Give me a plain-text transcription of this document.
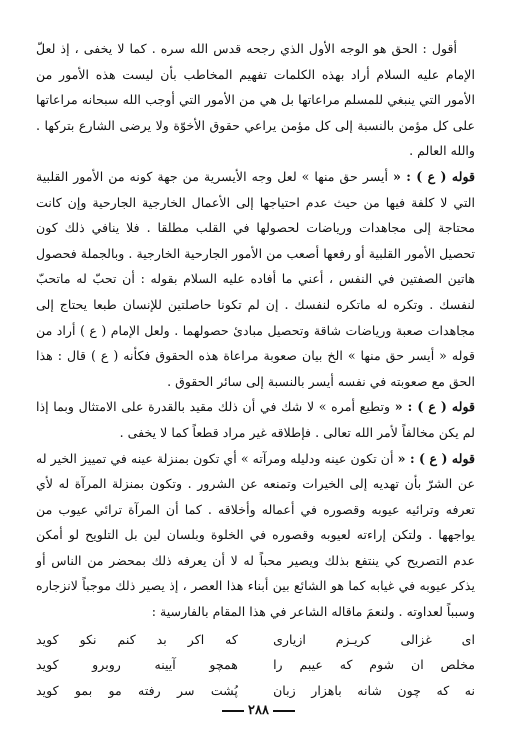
أقول : الحق هو الوجه الأول الذي رجحه قدس الله سره . كما لا يخفى ، إذ لعلّ الإمام عليه السلام أراد بهذه الكلمات تفهيم المخاطب بأن ليست هذه الأمور من الأمور التي ينبغي للمسلم مراعاتها بل هي من الأمور التي أوجب الله سبحانه مراعاتها على كل مؤمن بالنسبة إلى كل مؤمن يراعي حقوق الأخوّة ولا يرضى الشارع بتركها . والله العالم .

قوله ( ع ) : « أيسر حق منها » لعل وجه الأيسرية من جهة كونه من الأمور القلبية التي لا كلفة فيها من حيث عدم احتياجها إلى الأعمال الخارجية الجارحية وإن كانت محتاجة إلى مجاهدات ورياضات لحصولها في القلب مطلقا . فلا ينافي ذلك كون تحصيل الأمور القلبية أو رفعها أصعب من الأمور الجارحية الخارجية . وبالجملة فحصول هاتين الصفتين في النفس ، أعني ما أفاده عليه السلام بقوله : أن تحبّ له ماتحبّ لنفسك . وتكره له ماتكره لنفسك . إن لم تكونا حاصلتين للإنسان طبعا يحتاج إلى مجاهدات صعبة ورياضات شاقة وتحصيل مبادئ حصولهما . ولعل الإمام ( ع ) أراد من قوله « أيسر حق منها » الخ بيان صعوبة مراعاة هذه الحقوق فكأنه ( ع ) قال : هذا الحق مع صعوبته في نفسه أيسر بالنسبة إلى سائر الحقوق .

قوله ( ع ) : « وتطيع أمره » لا شك في أن ذلك مقيد بالقدرة على الامتثال وبما إذا لم يكن مخالفاً لأمر الله تعالى . فإطلاقه غير مراد قطعاً كما لا يخفى .

قوله ( ع ) : « أن تكون عينه ودليله ومرآته » أي تكون بمنزلة عينه في تمييز الخير له عن الشرّ بأن تهديه إلى الخيرات وتمنعه عن الشرور . وتكون بمنزلة المرآة له لأي تعرفه وترائيه عيوبه وقصوره في أعماله وأخلاقه . كما أن المرآة ترائي عيوب من يواجهها . ولتكن إراءته لعيوبه وقصوره في الخلوة وبلسان لين بل التلويح لو أمكن عدم التصريح كي ينتفع بذلك ويصير محباً له لا أن يعرفه ذلك بمحضر من الناس أو يذكر عيوبه في غيابه كما هو الشائع بين أبناء هذا العصر ، إذ يصير ذلك موجباً لانزجاره وسبباً لعداوته . ولنعمَ ماقاله الشاعر في هذا المقام بالفارسية :

اى غزالى كريـزم ازيارى
كه اكر بد كنم نكو كويد
مخلص ان شوم كه عيبم را
همچو آيينه روبرو كويد
نه كه چون شانه باهزار زبان
پُشت سر رفته مو بمو كويد
٢٨٨
